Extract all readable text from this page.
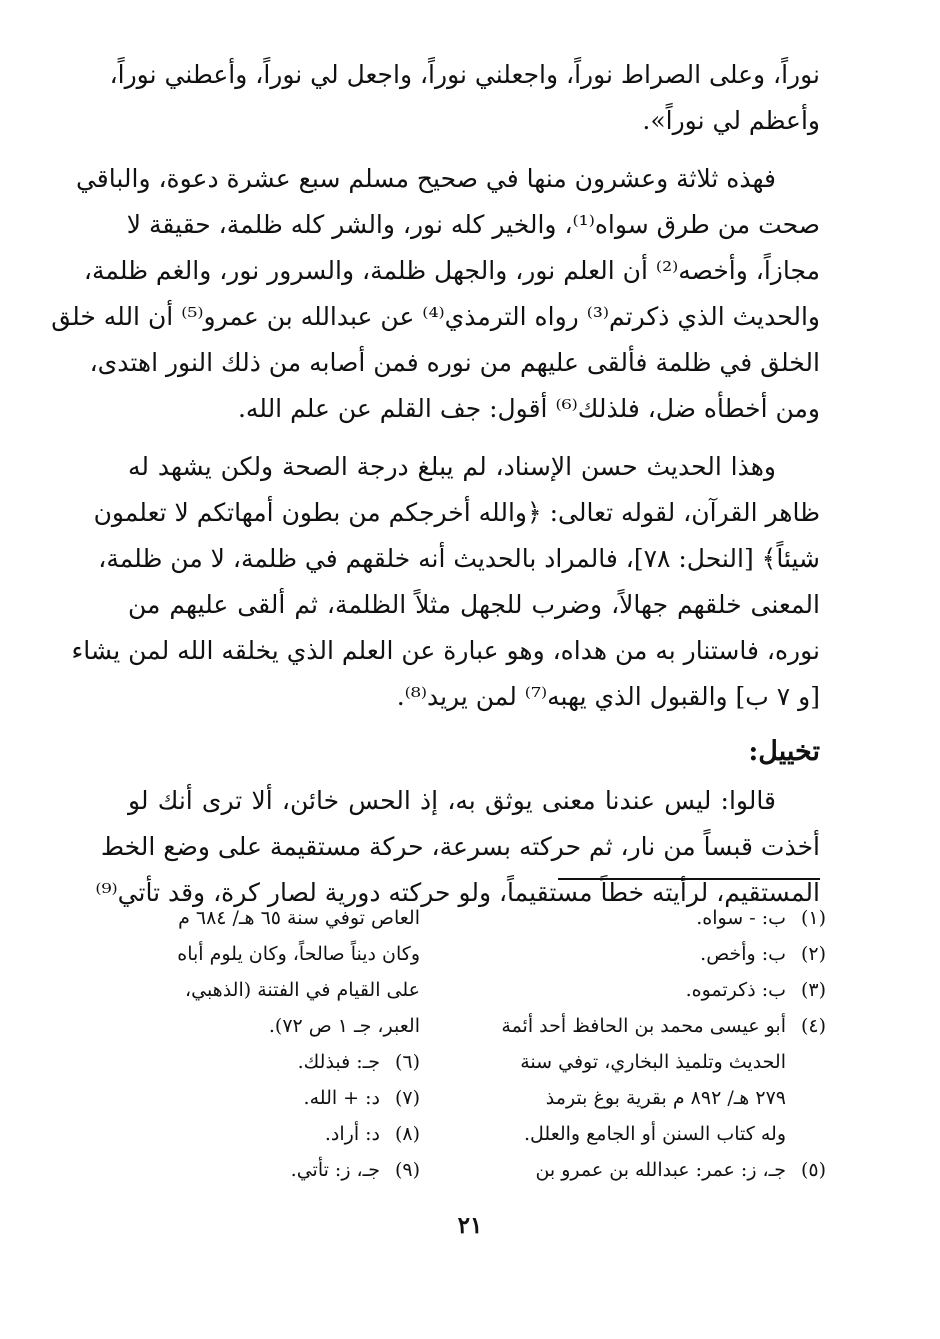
نوراً، وعلى الصراط نوراً، واجعلني نوراً، واجعل لي نوراً، وأعطني نوراً،
وأعظم لي نوراً».
فهذه ثلاثة وعشرون منها في صحيح مسلم سبع عشرة دعوة، والباقي
صحت من طرق سواه⁽¹⁾، والخير كله نور، والشر كله ظلمة، حقيقة لا
مجازاً، وأخصه⁽²⁾ أن العلم نور، والجهل ظلمة، والسرور نور، والغم ظلمة،
والحديث الذي ذكرتم⁽³⁾ رواه الترمذي⁽⁴⁾ عن عبدالله بن عمرو⁽⁵⁾ أن الله خلق
الخلق في ظلمة فألقى عليهم من نوره فمن أصابه من ذلك النور اهتدى،
ومن أخطأه ضل، فلذلك⁽⁶⁾ أقول: جف القلم عن علم الله.
وهذا الحديث حسن الإسناد، لم يبلغ درجة الصحة ولكن يشهد له
ظاهر القرآن، لقوله تعالى: ﴿والله أخرجكم من بطون أمهاتكم لا تعلمون
شيئاً﴾ [النحل: ٧٨]، فالمراد بالحديث أنه خلقهم في ظلمة، لا من ظلمة،
المعنى خلقهم جهالاً، وضرب للجهل مثلاً الظلمة، ثم ألقى عليهم من
نوره، فاستنار به من هداه، وهو عبارة عن العلم الذي يخلقه الله لمن يشاء
[و ٧ ب] والقبول الذي يهبه⁽⁷⁾ لمن يريد⁽⁸⁾.
تخييل:
قالوا: ليس عندنا معنى يوثق به، إذ الحس خائن، ألا ترى أنك لو
أخذت قبساً من نار، ثم حركته بسرعة، حركة مستقيمة على وضع الخط
المستقيم، لرأيته خطاً مستقيماً، ولو حركته دورية لصار كرة، وقد تأتي⁽⁹⁾
(١)ب: - سواه.
(٢)ب: وأخص.
(٣)ب: ذكرتموه.
(٤)أبو عيسى محمد بن الحافظ أحد أئمة
الحديث وتلميذ البخاري، توفي سنة
٢٧٩ هـ/ ٨٩٢ م بقرية بوغ بترمذ
وله كتاب السنن أو الجامع والعلل.
(٥)جـ، ز: عمر: عبدالله بن عمرو بن
العاص توفي سنة ٦٥ هـ/ ٦٨٤ م
وكان ديناً صالحاً، وكان يلوم أباه
على القيام في الفتنة (الذهبي،
العبر، جـ ١ ص ٧٢).
(٦)جـ: فبذلك.
(٧)د: + الله.
(٨)د: أراد.
(٩)جـ، ز: تأتي.
٢١
